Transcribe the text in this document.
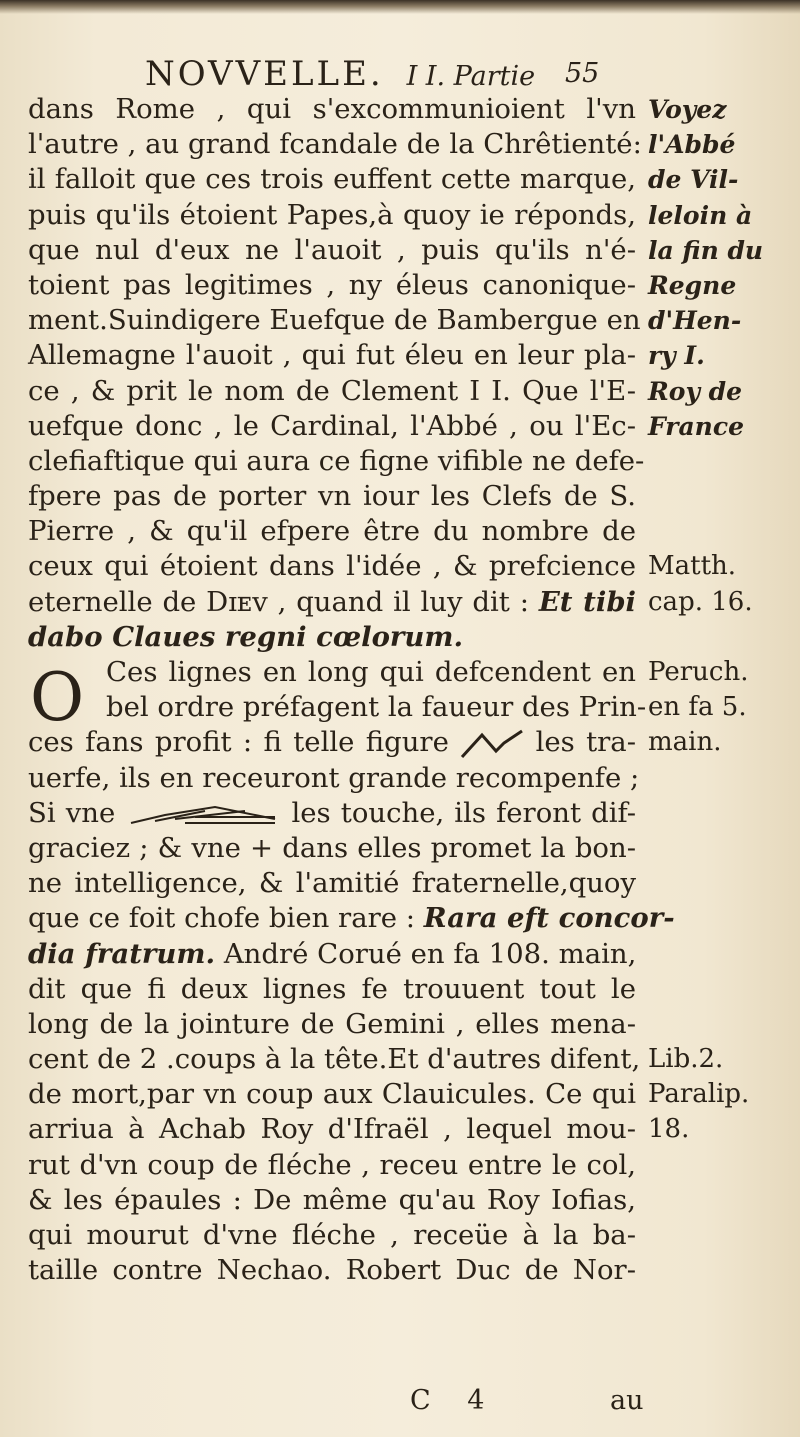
NOVVELLE. I I. Partie 55
dans Rome , qui s'excommunioient l'vn
l'autre , au grand fcandale de la Chrêtienté:
il falloit que ces trois euffent cette marque,
puis qu'ils étoient Papes,à quoy ie réponds,
que nul d'eux ne l'auoit , puis qu'ils n'é-
toient pas legitimes , ny éleus canonique-
ment.Suindigere Euefque de Bambergue en
Allemagne l'auoit , qui fut éleu en leur pla-
ce , & prit le nom de Clement I I. Que l'E-
uefque donc , le Cardinal, l'Abbé , ou l'Ec-
clefiaftique qui aura ce figne vifible ne defe-
fpere pas de porter vn iour les Clefs de S.
Pierre , & qu'il efpere être du nombre de
ceux qui étoient dans l'idée , & prefcience
eternelle de Dɪᴇᴠ , quand il luy dit : Et tibi
dabo Claues regni cœlorum.
Ces lignes en long qui defcendent en
bel ordre préfagent la faueur des Prin-
ces fans profit : fi telle figure	les tra-
uerfe, ils en receuront grande recompenfe ;
Si vne	les touche, ils feront dif-
graciez ; & vne + dans elles promet la bon-
ne intelligence, & l'amitié fraternelle,quoy
que ce foit chofe bien rare : Rara eft concor-
dia fratrum. André Corué en fa 108. main,
dit que fi deux lignes fe trouuent tout le
long de la jointure de Gemini , elles mena-
cent de 2 .coups à la tête.Et d'autres difent,
de mort,par vn coup aux Clauicules. Ce qui
arriua à Achab Roy d'Ifraël , lequel mou-
rut d'vn coup de fléche , receu entre le col,
& les épaules : De même qu'au Roy Iofias,
qui mourut d'vne fléche , receüe à la ba-
taille contre Nechao. Robert Duc de Nor-
O
Voyez
l'Abbé
de Vil-
leloin à
la fin du
Regne
d'Hen-
ry I.
Roy de
France
Matth.
cap. 16.
Peruch.
en fa 5.
main.
Lib.2.
Paralip.
18.
C 4	au
